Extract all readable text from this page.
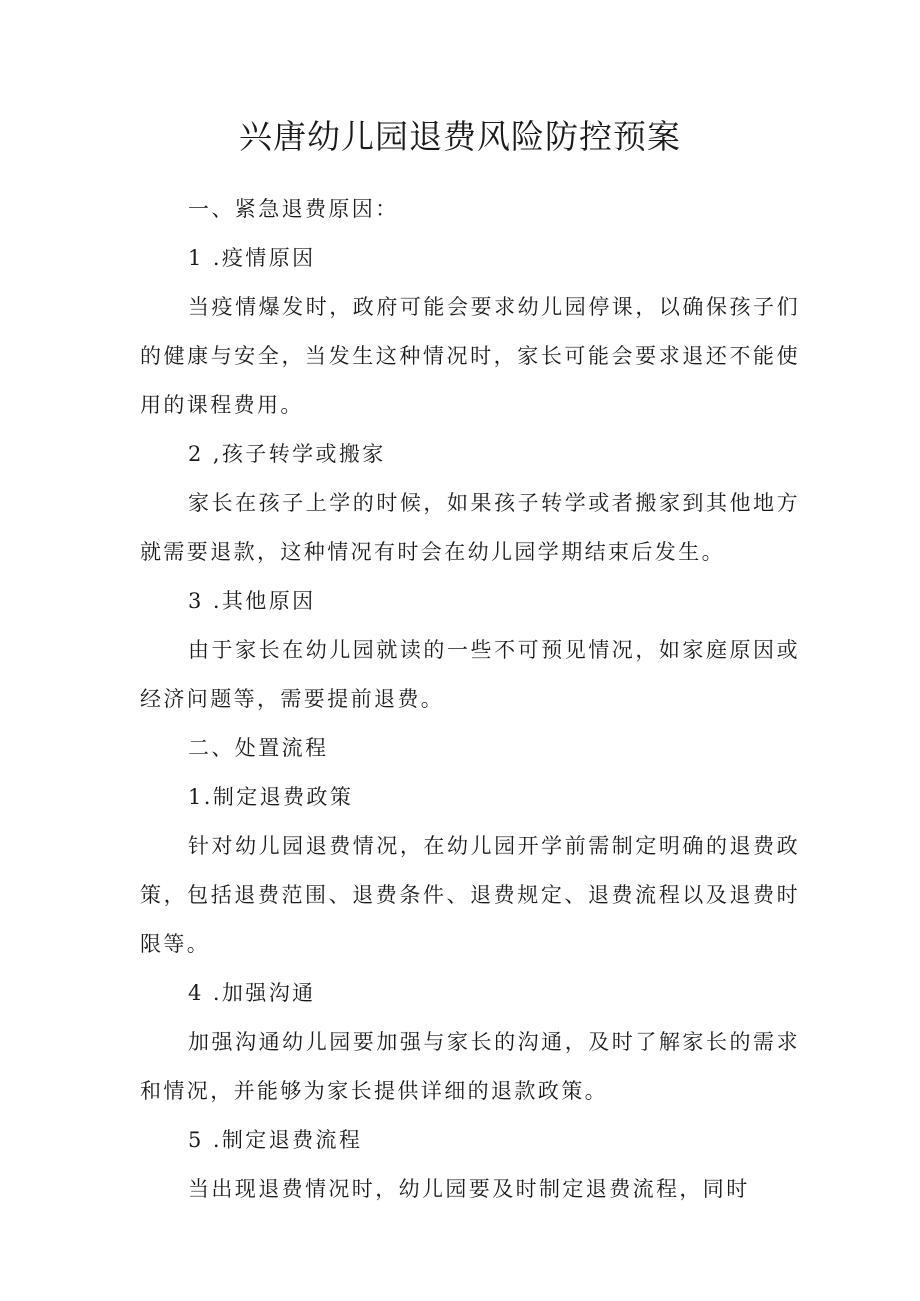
兴唐幼儿园退费风险防控预案

一、紧急退费原因：

1 .疫情原因

当疫情爆发时，政府可能会要求幼儿园停课，以确保孩子们的健康与安全，当发生这种情况时，家长可能会要求退还不能使用的课程费用。

2 ,孩子转学或搬家

家长在孩子上学的时候，如果孩子转学或者搬家到其他地方就需要退款，这种情况有时会在幼儿园学期结束后发生。

3 .其他原因

由于家长在幼儿园就读的一些不可预见情况，如家庭原因或经济问题等，需要提前退费。

二、处置流程

1.制定退费政策

针对幼儿园退费情况，在幼儿园开学前需制定明确的退费政策，包括退费范围、退费条件、退费规定、退费流程以及退费时限等。

4 .加强沟通

加强沟通幼儿园要加强与家长的沟通，及时了解家长的需求和情况，并能够为家长提供详细的退款政策。

5 .制定退费流程

当出现退费情况时，幼儿园要及时制定退费流程，同时
